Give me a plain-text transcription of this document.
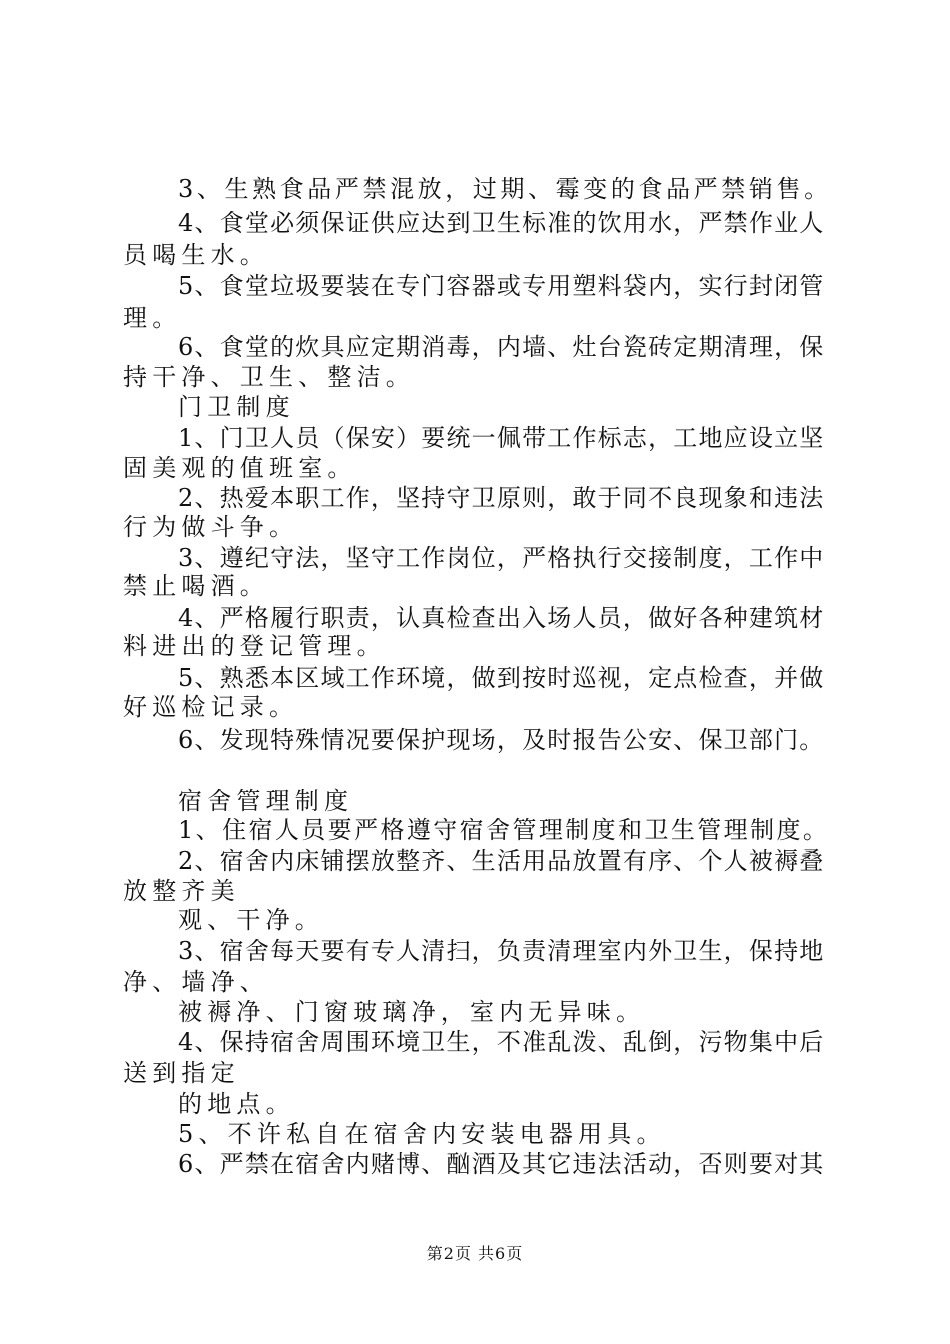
3、生熟食品严禁混放，过期、霉变的食品严禁销售。

4、食堂必须保证供应达到卫生标准的饮用水，严禁作业人

员喝生水。

5、食堂垃圾要装在专门容器或专用塑料袋内，实行封闭管

理。

6、食堂的炊具应定期消毒，内墙、灶台瓷砖定期清理，保

持干净、卫生、整洁。

门卫制度

1、门卫人员（保安）要统一佩带工作标志，工地应设立坚

固美观的值班室。

2、热爱本职工作，坚持守卫原则，敢于同不良现象和违法

行为做斗争。

3、遵纪守法，坚守工作岗位，严格执行交接制度，工作中

禁止喝酒。

4、严格履行职责，认真检查出入场人员，做好各种建筑材

料进出的登记管理。

5、熟悉本区域工作环境，做到按时巡视，定点检查，并做

好巡检记录。

6、发现特殊情况要保护现场，及时报告公安、保卫部门。

宿舍管理制度

1、住宿人员要严格遵守宿舍管理制度和卫生管理制度。

2、宿舍内床铺摆放整齐、生活用品放置有序、个人被褥叠

放整齐美

观、干净。

3、宿舍每天要有专人清扫，负责清理室内外卫生，保持地

净、墙净、

被褥净、门窗玻璃净，室内无异味。

4、保持宿舍周围环境卫生，不准乱泼、乱倒，污物集中后

送到指定

的地点。

5、不许私自在宿舍内安装电器用具。

6、严禁在宿舍内赌博、酗酒及其它违法活动，否则要对其

第2页 共6页
